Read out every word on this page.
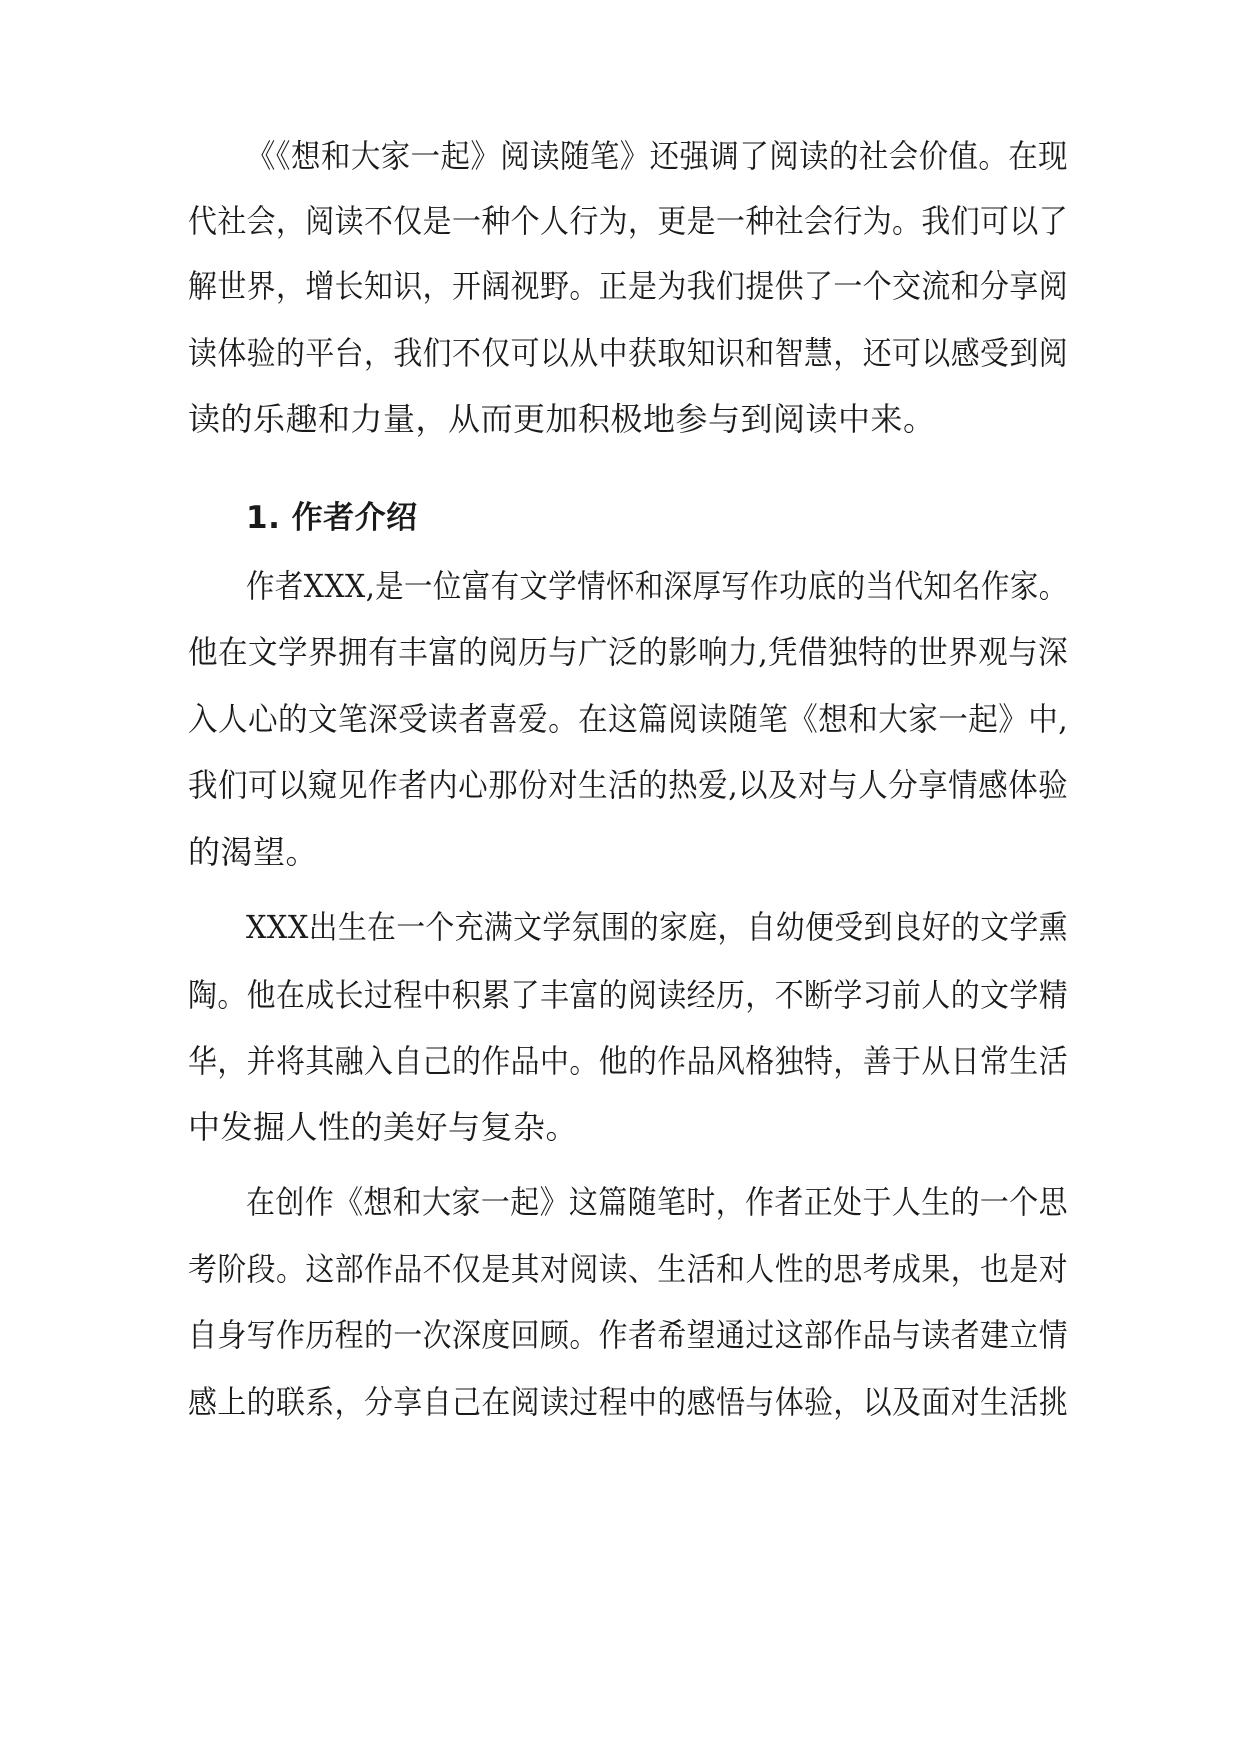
《《想和大家一起》阅读随笔》还强调了阅读的社会价值。在现
代社会，阅读不仅是一种个人行为，更是一种社会行为。我们可以了
解世界，增长知识，开阔视野。正是为我们提供了一个交流和分享阅
读体验的平台，我们不仅可以从中获取知识和智慧，还可以感受到阅
读的乐趣和力量，从而更加积极地参与到阅读中来。
1. 作者介绍
作者XXX,是一位富有文学情怀和深厚写作功底的当代知名作家。
他在文学界拥有丰富的阅历与广泛的影响力,凭借独特的世界观与深
入人心的文笔深受读者喜爱。在这篇阅读随笔《想和大家一起》中,
我们可以窥见作者内心那份对生活的热爱,以及对与人分享情感体验
的渴望。
XXX出生在一个充满文学氛围的家庭，自幼便受到良好的文学熏
陶。他在成长过程中积累了丰富的阅读经历，不断学习前人的文学精
华，并将其融入自己的作品中。他的作品风格独特，善于从日常生活
中发掘人性的美好与复杂。
在创作《想和大家一起》这篇随笔时，作者正处于人生的一个思
考阶段。这部作品不仅是其对阅读、生活和人性的思考成果，也是对
自身写作历程的一次深度回顾。作者希望通过这部作品与读者建立情
感上的联系，分享自己在阅读过程中的感悟与体验，以及面对生活挑
